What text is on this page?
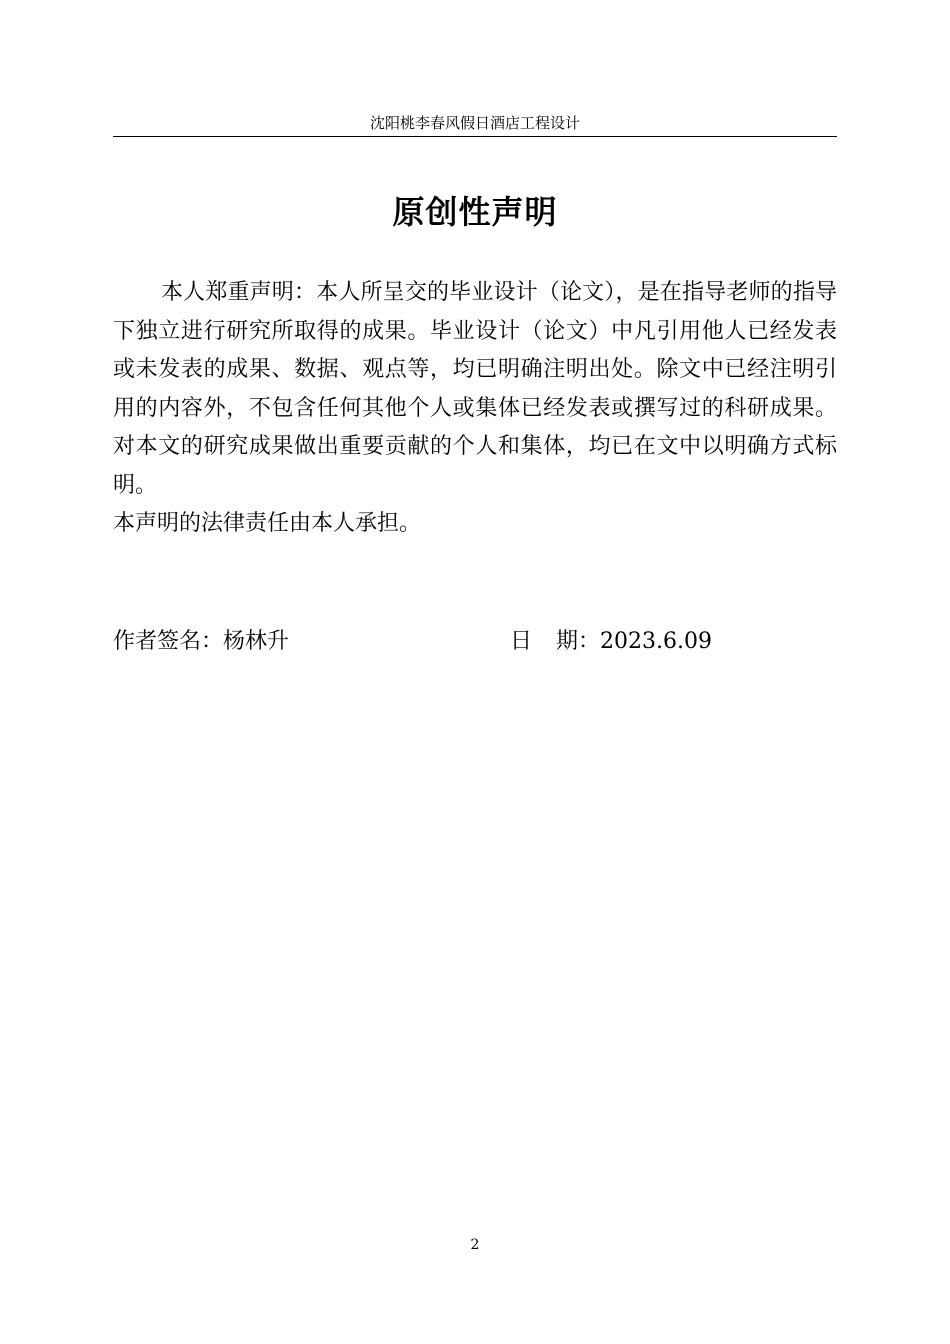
沈阳桃李春风假日酒店工程设计
原创性声明

本人郑重声明：本人所呈交的毕业设计（论文），是在指导老师的指导下独立进行研究所取得的成果。毕业设计（论文）中凡引用他人已经发表或未发表的成果、数据、观点等，均已明确注明出处。除文中已经注明引用的内容外，不包含任何其他个人或集体已经发表或撰写过的科研成果。对本文的研究成果做出重要贡献的个人和集体，均已在文中以明确方式标明。

本声明的法律责任由本人承担。

作者签名：杨林升	日 期：2023.6.09
2
